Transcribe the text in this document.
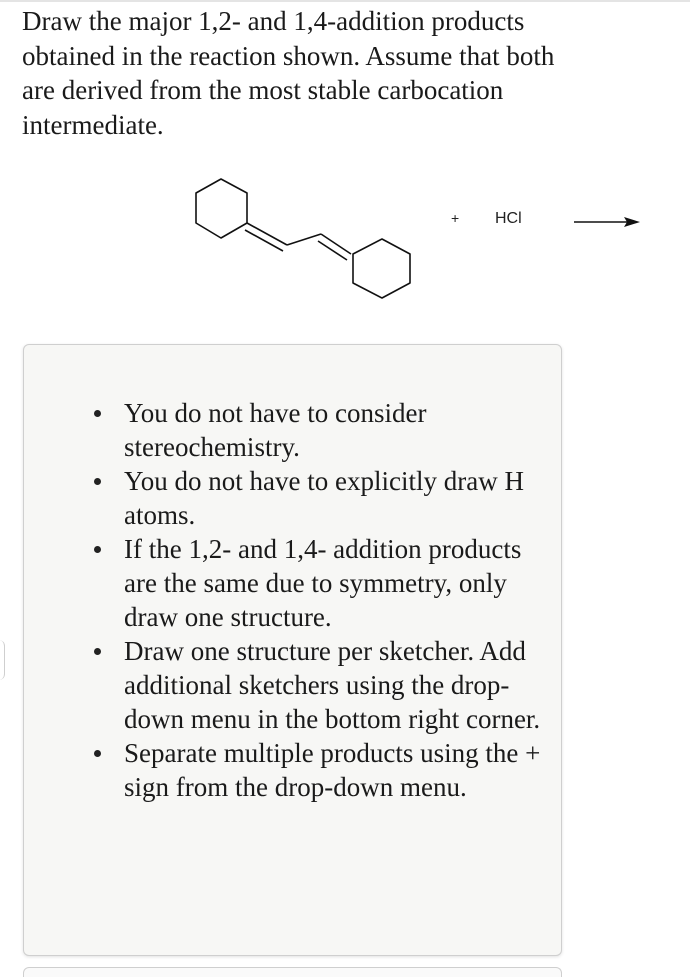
Draw the major 1,2- and 1,4-addition products obtained in the reaction shown. Assume that both are derived from the most stable carbocation intermediate.

+ HCl
You do not have to consider stereochemistry.
You do not have to explicitly draw H atoms.
If the 1,2- and 1,4- addition products are the same due to symmetry, only draw one structure.
Draw one structure per sketcher. Add additional sketchers using the drop-down menu in the bottom right corner.
Separate multiple products using the + sign from the drop-down menu.
